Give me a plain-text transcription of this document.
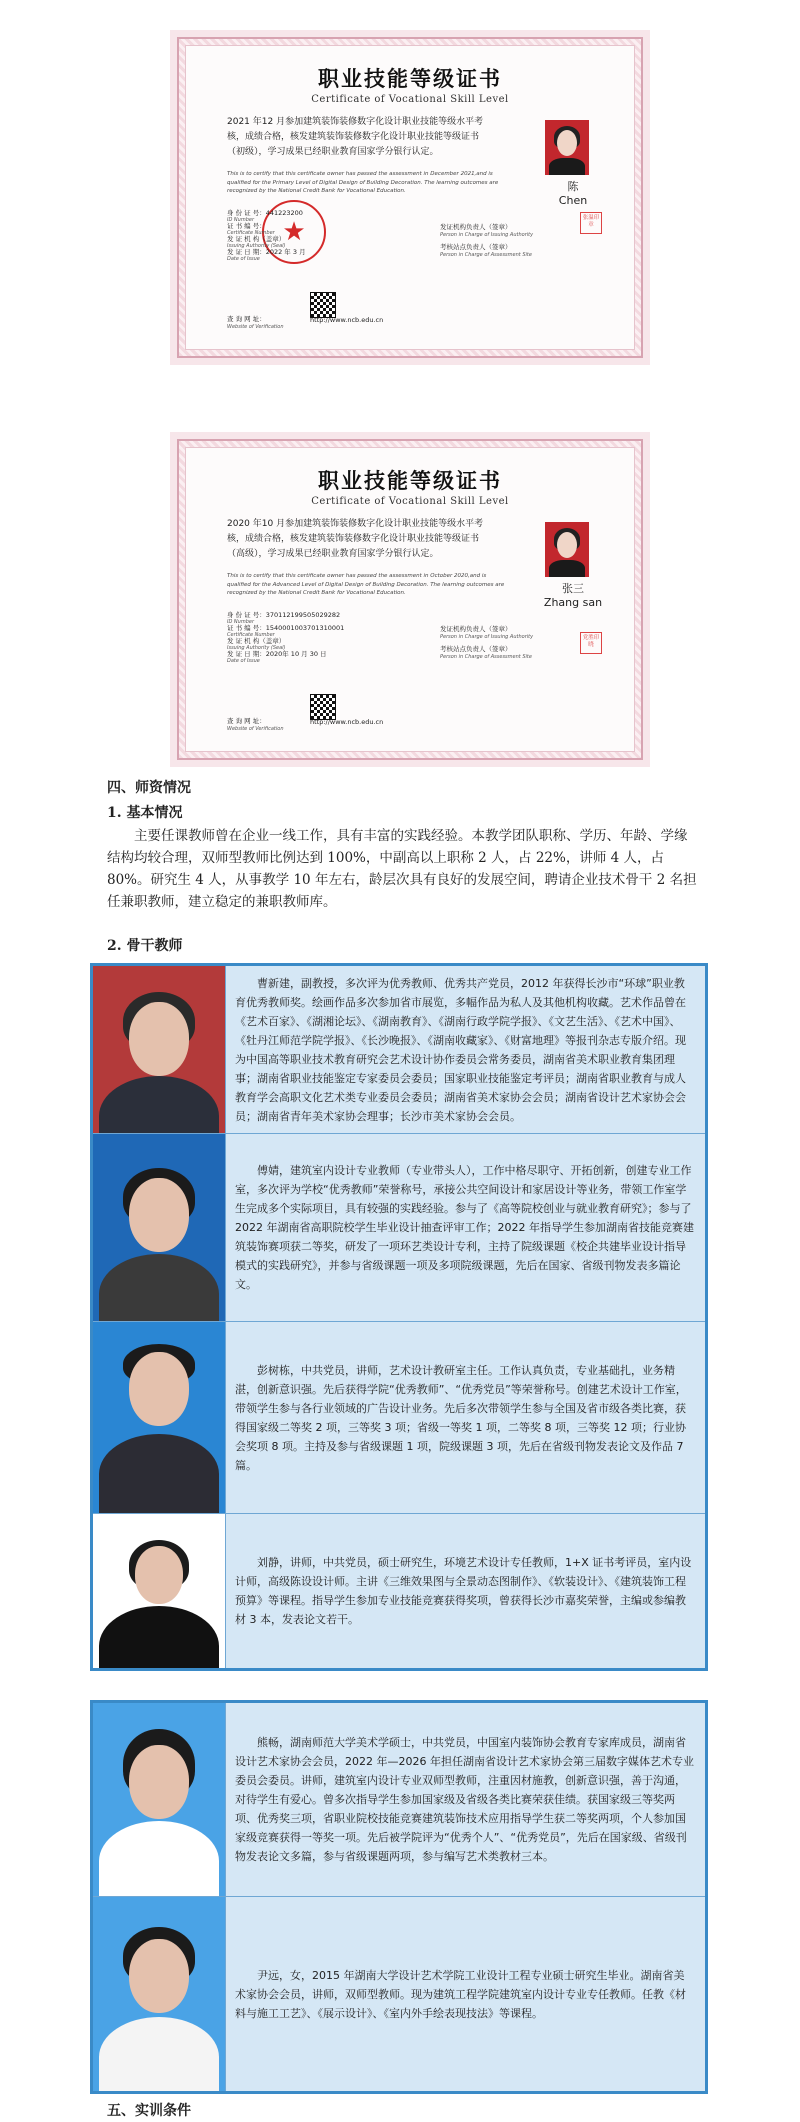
职业技能等级证书
Certificate of Vocational Skill Level
2021 年12 月参加建筑装饰装修数字化设计职业技能等级水平考核，成绩合格，核发建筑装饰装修数字化设计职业技能等级证书（初级），学习成果已经职业教育国家学分银行认定。
This is to certify that this certificate owner has passed the assessment in December 2021,and is qualified for the Primary Level of Digital Design of Building Decoration. The learning outcomes are recognized by the National Credit Bank for Vocational Education.	陈
Chen
★
身 份 证 号：441223200
ID Number
证 书 编 号：
Certificate Number
发 证 机 构（盖章）
Issuing Authority (Seal)
发 证 日 期：2022 年 3 月
Date of Issue
发证机构负责人（签章）
Person in Charge of Issuing Authority
考核站点负责人（签章）
Person in Charge of Assessment Site
张温印章
查 询 网 址：	http://www.ncb.edu.cn
Website of Verification
职业技能等级证书
Certificate of Vocational Skill Level
2020 年10 月参加建筑装饰装修数字化设计职业技能等级水平考核，成绩合格，核发建筑装饰装修数字化设计职业技能等级证书（高级），学习成果已经职业教育国家学分银行认定。
This is to certify that this certificate owner has passed the assessment in October 2020,and is qualified for the Advanced Level of Digital Design of Building Decoration. The learning outcomes are recognized by the National Credit Bank for Vocational Education.	张三
Zhang san
身 份 证 号：370112199505029282
ID Number
证 书 编 号：1540001003701310001
Certificate Number
发 证 机 构（盖章）
Issuing Authority (Seal)
发 证 日 期：2020年 10 月 30 日
Date of Issue
发证机构负责人（签章）
Person in Charge of Issuing Authority
考核站点负责人（签章）
Person in Charge of Assessment Site
党胜印晓
查 询 网 址：	http://www.ncb.edu.cn
Website of Verification
四、师资情况
1. 基本情况
主要任课教师曾在企业一线工作，具有丰富的实践经验。本教学团队职称、学历、年龄、学缘结构均较合理，双师型教师比例达到 100%，中副高以上职称 2 人，占 22%，讲师 4 人，占 80%。研究生 4 人，从事教学 10 年左右，龄层次具有良好的发展空间，聘请企业技术骨干 2 名担任兼职教师，建立稳定的兼职教师库。
2. 骨干教师
曹新建，副教授，多次评为优秀教师、优秀共产党员，2012 年获得长沙市“环球”职业教育优秀教师奖。绘画作品多次参加省市展览，多幅作品为私人及其他机构收藏。艺术作品曾在《艺术百家》、《湖湘论坛》、《湖南教育》、《湖南行政学院学报》、《文艺生活》、《艺术中国》、《牡丹江师范学院学报》、《长沙晚报》、《湖南收藏家》、《财富地理》等报刊杂志专版介绍。现为中国高等职业技术教育研究会艺术设计协作委员会常务委员，湖南省美术职业教育集团理事；湖南省职业技能鉴定专家委员会委员；国家职业技能鉴定考评员；湖南省职业教育与成人教育学会高职文化艺术类专业委员会委员；湖南省美术家协会会员；湖南省设计艺术家协会会员；湖南省青年美术家协会理事；长沙市美术家协会会员。
傅婧，建筑室内设计专业教师（专业带头人），工作中格尽职守、开拓创新，创建专业工作室，多次评为学校“优秀教师”荣誉称号，承接公共空间设计和家居设计等业务，带领工作室学生完成多个实际项目，具有较强的实践经验。参与了《高等院校创业与就业教育研究》；参与了 2022 年湖南省高职院校学生毕业设计抽查评审工作；2022 年指导学生参加湖南省技能竞赛建筑装饰赛项获二等奖，研发了一项环艺类设计专利，主持了院级课题《校企共建毕业设计指导模式的实践研究》，并参与省级课题一项及多项院级课题，先后在国家、省级刊物发表多篇论文。
彭树栋，中共党员，讲师，艺术设计教研室主任。工作认真负责，专业基础扎，业务精湛，创新意识强。先后获得学院“优秀教师”、“优秀党员”等荣誉称号。创建艺术设计工作室，带领学生参与各行业领域的广告设计业务。先后多次带领学生参与全国及省市级各类比赛，获得国家级二等奖 2 项，三等奖 3 项；省级一等奖 1 项，二等奖 8 项，三等奖 12 项；行业协会奖项 8 项。主持及参与省级课题 1 项，院级课题 3 项，先后在省级刊物发表论文及作品 7 篇。
刘静，讲师，中共党员，硕士研究生，环境艺术设计专任教师，1+X 证书考评员，室内设计师，高级陈设设计师。主讲《三维效果图与全景动态图制作》、《软装设计》、《建筑装饰工程预算》等课程。指导学生参加专业技能竞赛获得奖项，曾获得长沙市嘉奖荣誉，主编或参编教材 3 本，发表论文若干。
熊畅，湖南师范大学美术学硕士，中共党员，中国室内装饰协会教育专家库成员，湖南省设计艺术家协会会员，2022 年—2026 年担任湖南省设计艺术家协会第三届数字媒体艺术专业委员会委员。讲师，建筑室内设计专业双师型教师，注重因材施教，创新意识强，善于沟通，对待学生有爱心。曾多次指导学生参加国家级及省级各类比赛荣获佳绩。获国家级三等奖两项、优秀奖三项，省职业院校技能竞赛建筑装饰技术应用指导学生获二等奖两项，个人参加国家级竞赛获得一等奖一项。先后被学院评为“优秀个人”、“优秀党员”，先后在国家级、省级刊物发表论文多篇，参与省级课题两项，参与编写艺术类教材三本。
尹远，女，2015 年湖南大学设计艺术学院工业设计工程专业硕士研究生毕业。湖南省美术家协会会员，讲师，双师型教师。现为建筑工程学院建筑室内设计专业专任教师。任教《材料与施工工艺》、《展示设计》、《室内外手绘表现技法》等课程。
五、实训条件
